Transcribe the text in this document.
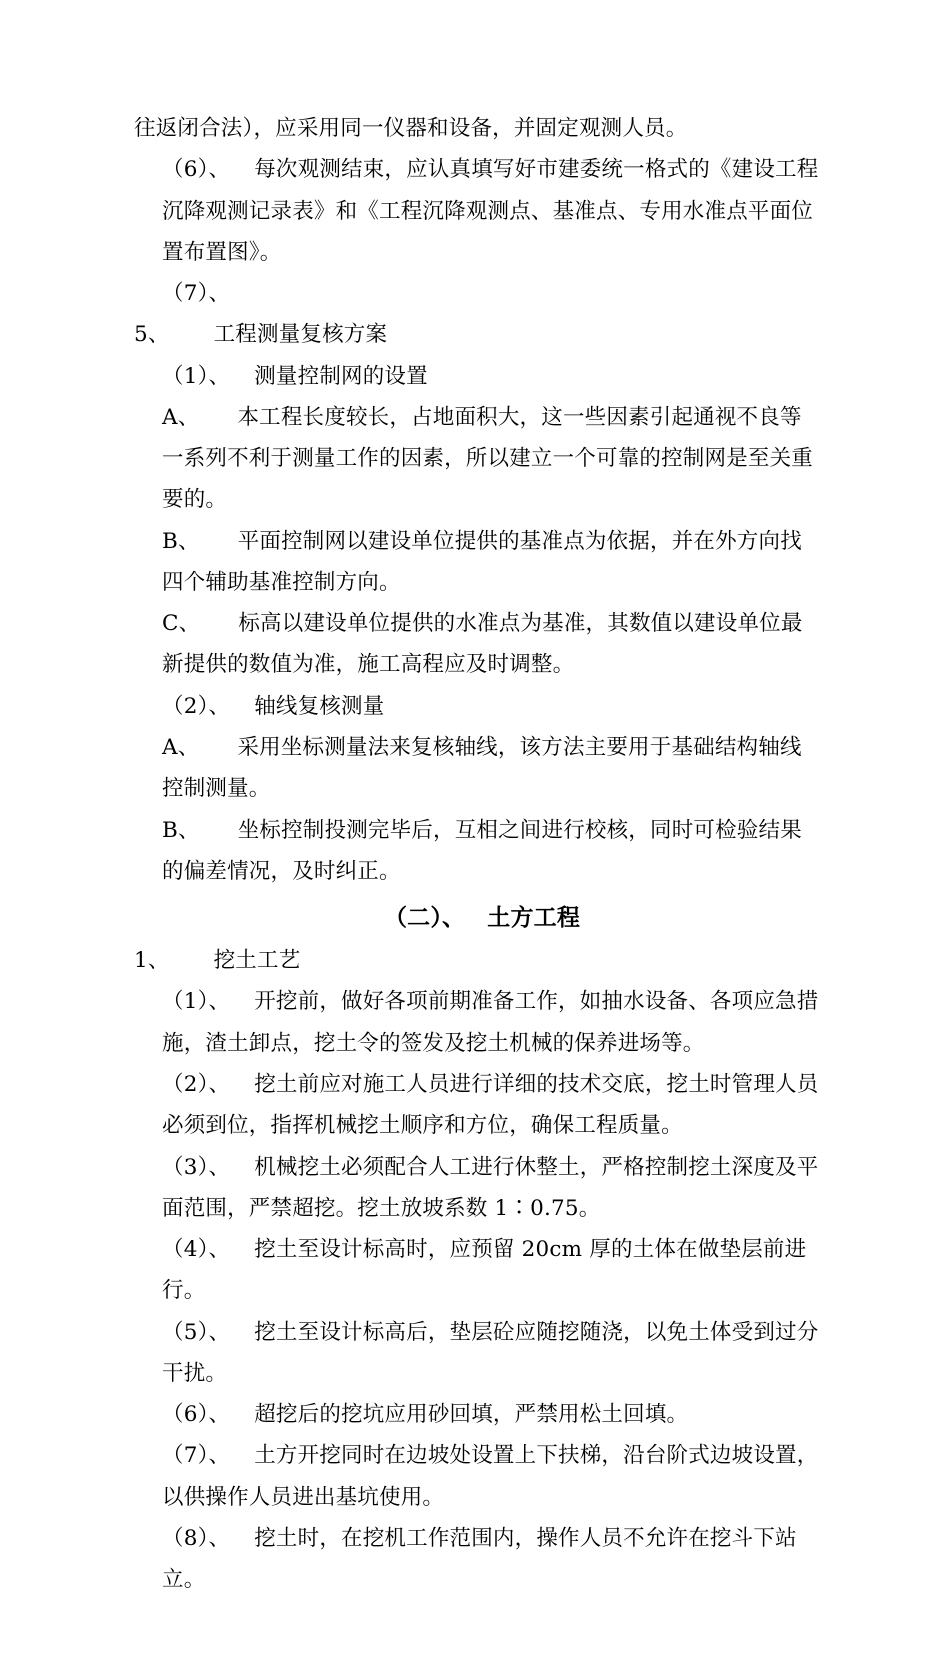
往返闭合法），应采用同一仪器和设备，并固定观测人员。

（6）、 每次观测结束，应认真填写好市建委统一格式的《建设工程沉降观测记录表》和《工程沉降观测点、基准点、专用水准点平面位置布置图》。

（7）、

5、 工程测量复核方案

（1）、 测量控制网的设置

A、 本工程长度较长，占地面积大，这一些因素引起通视不良等一系列不利于测量工作的因素，所以建立一个可靠的控制网是至关重要的。

B、 平面控制网以建设单位提供的基准点为依据，并在外方向找四个辅助基准控制方向。

C、 标高以建设单位提供的水准点为基准，其数值以建设单位最新提供的数值为准，施工高程应及时调整。

（2）、 轴线复核测量

A、 采用坐标测量法来复核轴线，该方法主要用于基础结构轴线控制测量。

B、 坐标控制投测完毕后，互相之间进行校核，同时可检验结果的偏差情况，及时纠正。

（二）、 土方工程

1、 挖土工艺

（1）、 开挖前，做好各项前期准备工作，如抽水设备、各项应急措施，渣土卸点，挖土令的签发及挖土机械的保养进场等。

（2）、 挖土前应对施工人员进行详细的技术交底，挖土时管理人员必须到位，指挥机械挖土顺序和方位，确保工程质量。

（3）、 机械挖土必须配合人工进行休整土，严格控制挖土深度及平面范围，严禁超挖。挖土放坡系数 1∶0.75。

（4）、 挖土至设计标高时，应预留 20cm 厚的土体在做垫层前进行。

（5）、 挖土至设计标高后，垫层砼应随挖随浇，以免土体受到过分干扰。

（6）、 超挖后的挖坑应用砂回填，严禁用松土回填。

（7）、 土方开挖同时在边坡处设置上下扶梯，沿台阶式边坡设置，以供操作人员进出基坑使用。

（8）、 挖土时，在挖机工作范围内，操作人员不允许在挖斗下站立。
